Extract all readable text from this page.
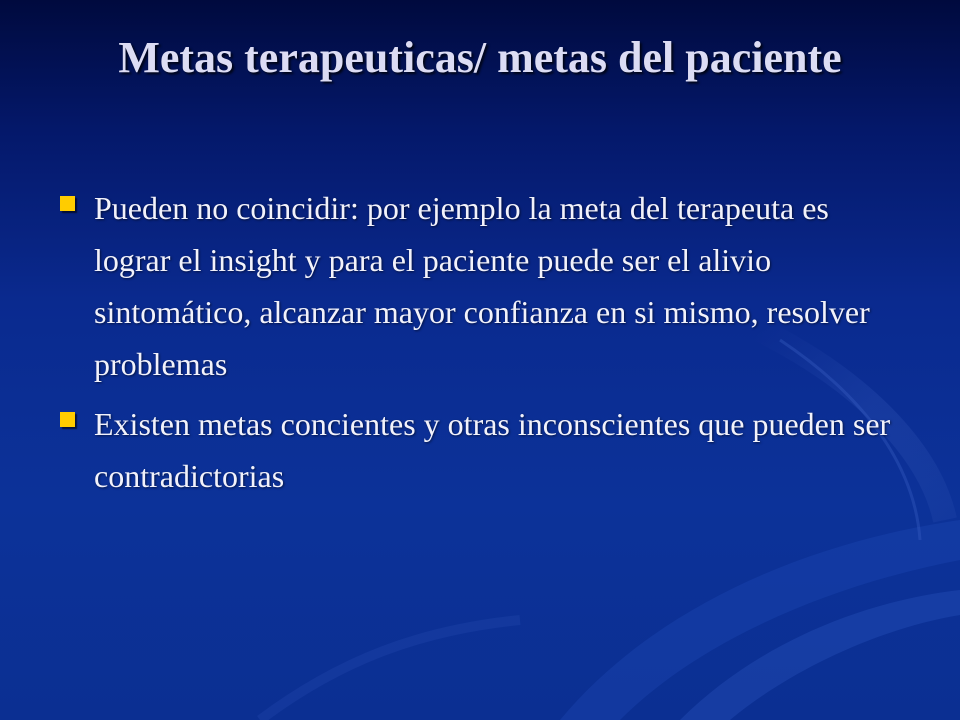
Metas terapeuticas/ metas del paciente
Pueden no coincidir: por ejemplo la meta del terapeuta es lograr el insight y para el paciente puede ser el alivio sintomático, alcanzar mayor confianza en si mismo, resolver problemas
Existen metas concientes y otras inconscientes que pueden ser contradictorias
